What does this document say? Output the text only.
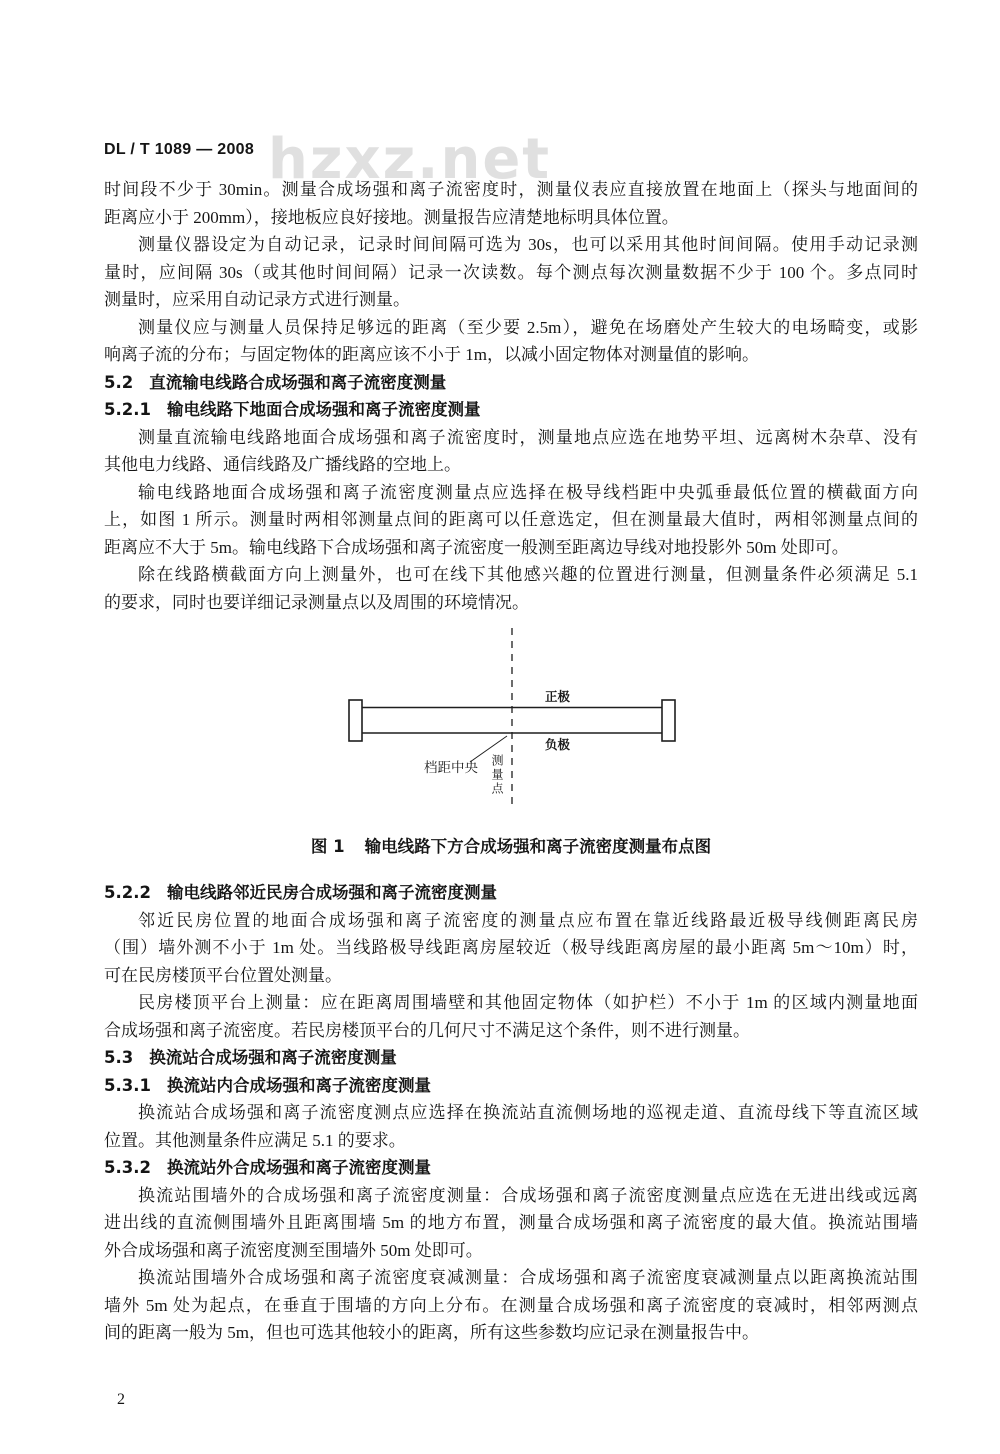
hzxz.net
DL / T 1089 — 2008
时间段不少于 30min。测量合成场强和离子流密度时，测量仪表应直接放置在地面上（探头与地面间的
距离应小于 200mm），接地板应良好接地。测量报告应清楚地标明具体位置。
测量仪器设定为自动记录，记录时间间隔可选为 30s，也可以采用其他时间间隔。使用手动记录测
量时，应间隔 30s（或其他时间间隔）记录一次读数。每个测点每次测量数据不少于 100 个。多点同时
测量时，应采用自动记录方式进行测量。
测量仪应与测量人员保持足够远的距离（至少要 2.5m），避免在场磨处产生较大的电场畸变，或影
响离子流的分布；与固定物体的距离应该不小于 1m，以减小固定物体对测量值的影响。
5.2 直流输电线路合成场强和离子流密度测量
5.2.1 输电线路下地面合成场强和离子流密度测量
测量直流输电线路地面合成场强和离子流密度时，测量地点应选在地势平坦、远离树木杂草、没有
其他电力线路、通信线路及广播线路的空地上。
输电线路地面合成场强和离子流密度测量点应选择在极导线档距中央弧垂最低位置的横截面方向
上，如图 1 所示。测量时两相邻测量点间的距离可以任意选定，但在测量最大值时，两相邻测量点间的
距离应不大于 5m。输电线路下合成场强和离子流密度一般测至距离边导线对地投影外 50m 处即可。
除在线路横截面方向上测量外，也可在线下其他感兴趣的位置进行测量，但测量条件必须满足 5.1
的要求，同时也要详细记录测量点以及周围的环境情况。
正极
负极
档距中央 测量点
图 1 输电线路下方合成场强和离子流密度测量布点图
5.2.2 输电线路邻近民房合成场强和离子流密度测量
邻近民房位置的地面合成场强和离子流密度的测量点应布置在靠近线路最近极导线侧距离民房
（围）墙外测不小于 1m 处。当线路极导线距离房屋较近（极导线距离房屋的最小距离 5m～10m）时，
可在民房楼顶平台位置处测量。
民房楼顶平台上测量：应在距离周围墙壁和其他固定物体（如护栏）不小于 1m 的区域内测量地面
合成场强和离子流密度。若民房楼顶平台的几何尺寸不满足这个条件，则不进行测量。
5.3 换流站合成场强和离子流密度测量
5.3.1 换流站内合成场强和离子流密度测量
换流站合成场强和离子流密度测点应选择在换流站直流侧场地的巡视走道、直流母线下等直流区域
位置。其他测量条件应满足 5.1 的要求。
5.3.2 换流站外合成场强和离子流密度测量
换流站围墙外的合成场强和离子流密度测量：合成场强和离子流密度测量点应选在无进出线或远离
进出线的直流侧围墙外且距离围墙 5m 的地方布置，测量合成场强和离子流密度的最大值。换流站围墙
外合成场强和离子流密度测至围墙外 50m 处即可。
换流站围墙外合成场强和离子流密度衰减测量：合成场强和离子流密度衰减测量点以距离换流站围
墙外 5m 处为起点，在垂直于围墙的方向上分布。在测量合成场强和离子流密度的衰减时，相邻两测点
间的距离一般为 5m，但也可选其他较小的距离，所有这些参数均应记录在测量报告中。
2
